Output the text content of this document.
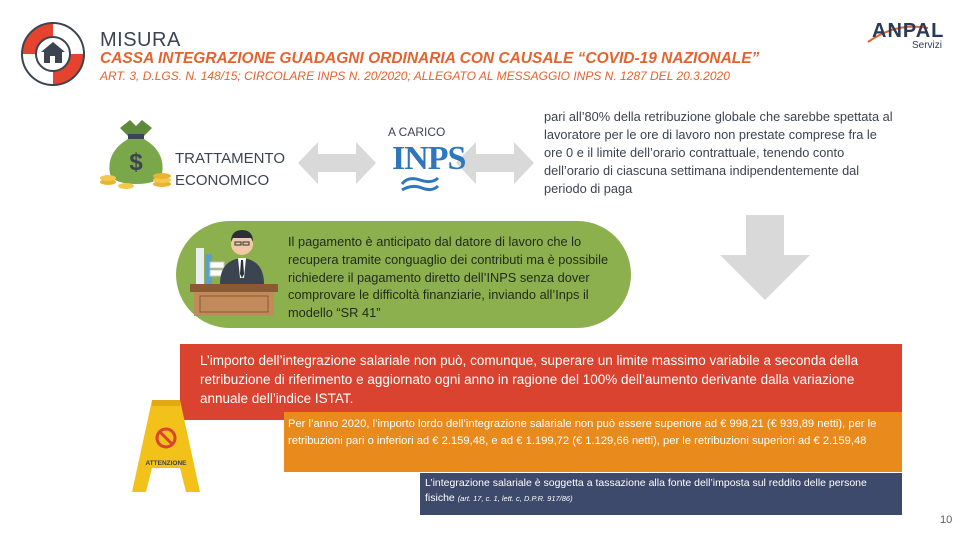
MISURA
CASSA INTEGRAZIONE GUADAGNI ORDINARIA CON CAUSALE “COVID-19 NAZIONALE”
ART. 3, D.LGS. N. 148/15; CIRCOLARE INPS N. 20/2020; ALLEGATO AL MESSAGGIO INPS N. 1287 DEL 20.3.2020
ANPAL
Servizi
$ TRATTAMENTO
ECONOMICO
A CARICO
INPS
pari all’80% della retribuzione globale che sarebbe spettata al lavoratore per le ore di lavoro non prestate comprese fra le ore 0 e il limite dell’orario contrattuale, tenendo conto dell’orario di ciascuna settimana indipendentemente dal periodo di paga
Il pagamento è anticipato dal datore di lavoro che lo recupera tramite conguaglio dei contributi ma è possibile richiedere il pagamento diretto dell’INPS senza dover comprovare le difficoltà finanziarie, inviando all’Inps il modello “SR 41”
L’importo dell’integrazione salariale non può, comunque, superare un limite massimo variabile a seconda della retribuzione di riferimento e aggiornato ogni anno in ragione del 100% dell’aumento derivante dalla variazione annuale dell’indice ISTAT.
ATTENZIONE
Per l’anno 2020, l’importo lordo dell’integrazione salariale non può essere superiore ad € 998,21 (€ 939,89 netti), per le retribuzioni pari o inferiori ad € 2.159,48, e ad € 1.199,72 (€ 1.129,66 netti), per le retribuzioni superiori ad € 2.159,48
L’integrazione salariale è soggetta a tassazione alla fonte dell’imposta sul reddito delle persone fisiche (art. 17, c. 1, lett. c, D.P.R. 917/86)
10
